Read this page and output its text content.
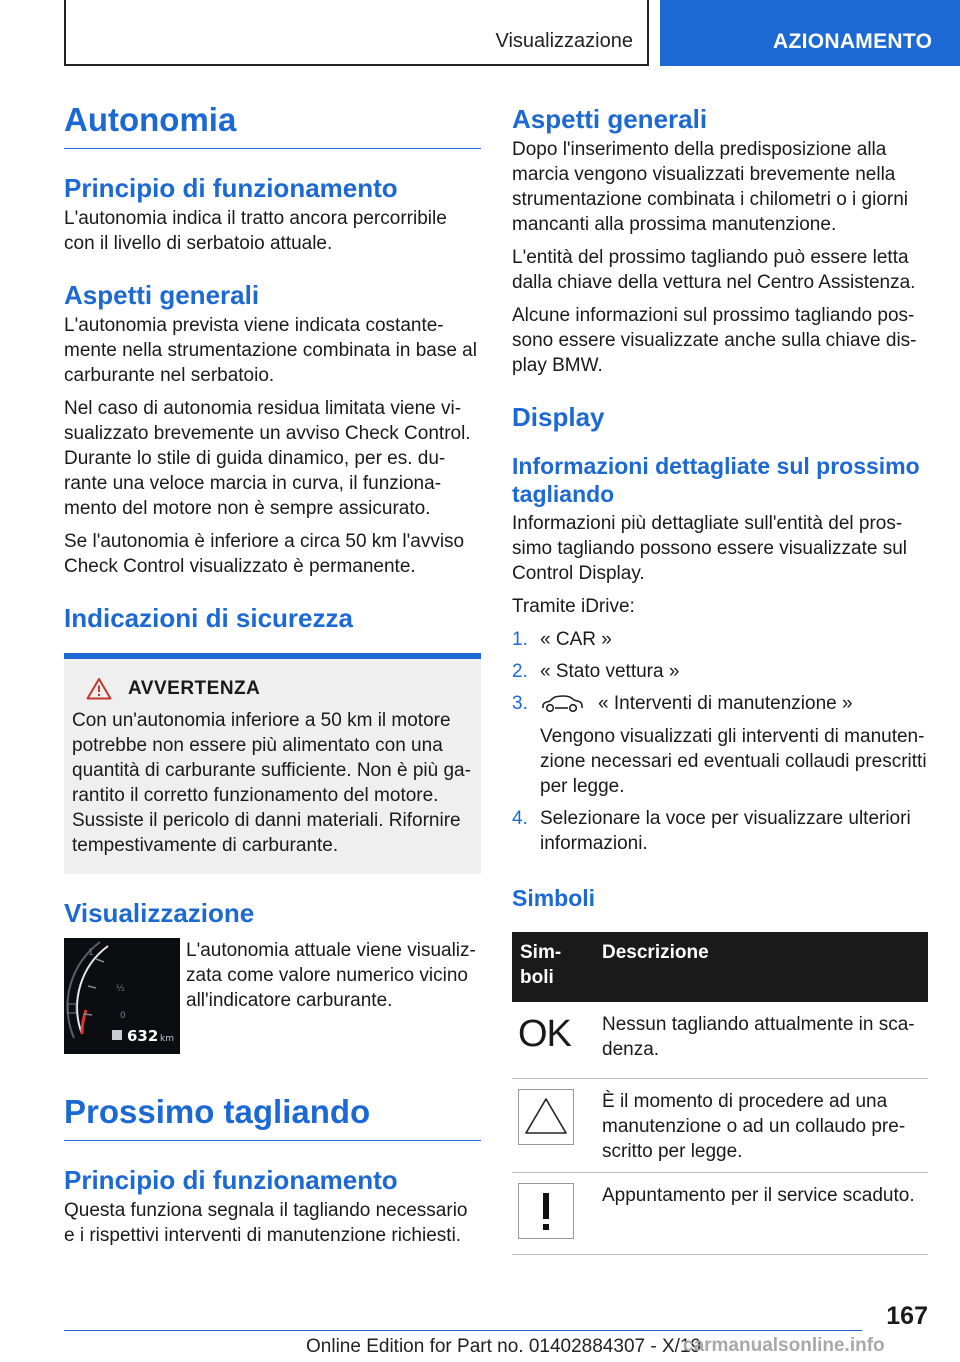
Visualizzazione	AZIONAMENTO
Autonomia
Principio di funzionamento

L'autonomia indica il tratto ancora percorribile con il livello di serbatoio attuale.

Aspetti generali

L'autonomia prevista viene indicata costante-mente nella strumentazione combinata in base al carburante nel serbatoio.

Nel caso di autonomia residua limitata viene vi-sualizzato brevemente un avviso Check Control. Durante lo stile di guida dinamico, per es. du-rante una veloce marcia in curva, il funziona-mento del motore non è sempre assicurato.

Se l'autonomia è inferiore a circa 50 km l'avviso Check Control visualizzato è permanente.

Indicazioni di sicurezza
AVVERTENZA

Con un'autonomia inferiore a 50 km il motore potrebbe non essere più alimentato con una quantità di carburante sufficiente. Non è più ga-rantito il corretto funzionamento del motore. Sussiste il pericolo di danni materiali. Rifornire tempestivamente di carburante.

Visualizzazione
1
½
0
632 km

L'autonomia attuale viene visualiz-zata come valore numerico vicino all'indicatore carburante.

Prossimo tagliando
Principio di funzionamento

Questa funziona segnala il tagliando necessario e i rispettivi interventi di manutenzione richiesti.

Aspetti generali

Dopo l'inserimento della predisposizione alla marcia vengono visualizzati brevemente nella strumentazione combinata i chilometri o i giorni mancanti alla prossima manutenzione.

L'entità del prossimo tagliando può essere letta dalla chiave della vettura nel Centro Assistenza.

Alcune informazioni sul prossimo tagliando pos-sono essere visualizzate anche sulla chiave dis-play BMW.

Display
Informazioni dettagliate sul prossimo tagliando

Informazioni più dettagliate sull'entità del pros-simo tagliando possono essere visualizzate sul Control Display.

Tramite iDrive:

1. « CAR »
2. « Stato vettura »
3.	« Interventi di manutenzione »

Vengono visualizzati gli interventi di manuten-zione necessari ed eventuali collaudi prescritti per legge.

4. Selezionare la voce per visualizzare ulteriori informazioni.
Simboli
Sim-boli	Descrizione
OK	Nessun tagliando attualmente in sca-denza.
	È il momento di procedere ad una manutenzione o ad un collaudo pre-scritto per legge.
	Appuntamento per il service scaduto.
167
Online Edition for Part no. 01402884307 - X/19
carmanualsonline.info
